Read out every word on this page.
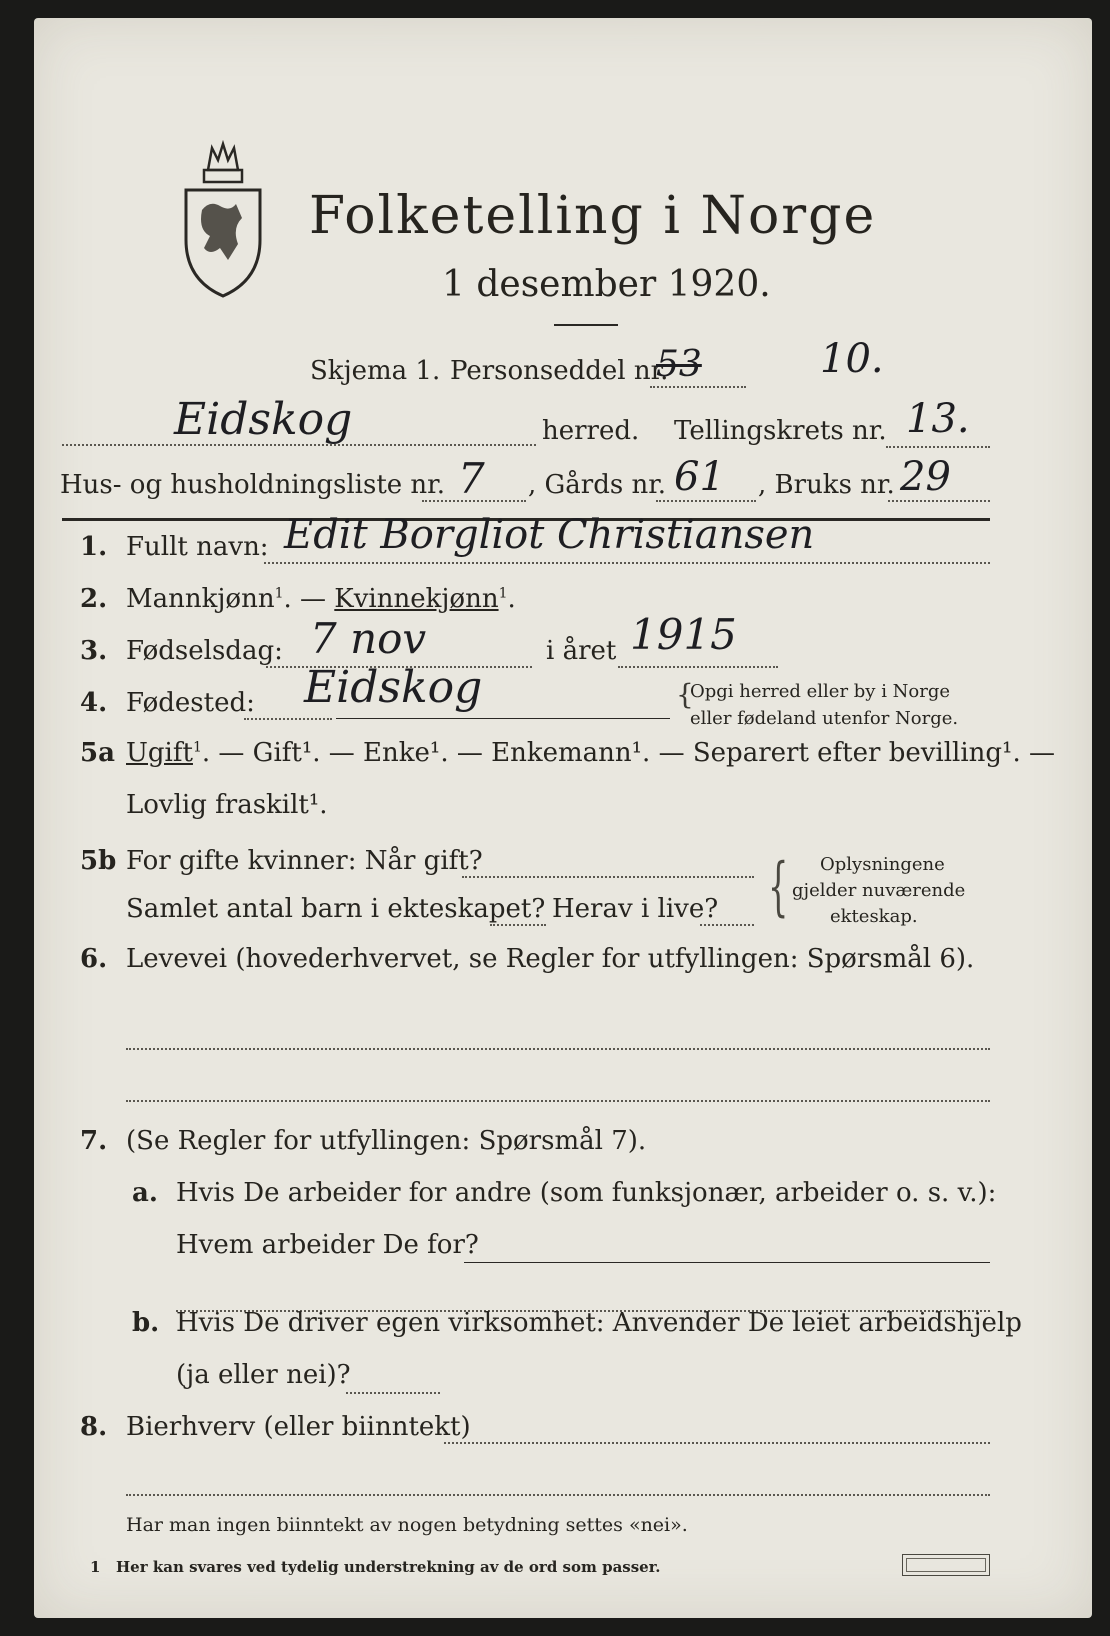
Folketelling i Norge
1 desember 1920.
Skjema 1. Personseddel nr.
53	10.
Eidskog	herred. Tellingskrets nr. 13.
Hus- og husholdningsliste nr. 7 , Gårds nr. 61 , Bruks nr. 29
1. Fullt navn: Edit Borgliot Christiansen
2. Mannkjønn$^1$. — Kvinnekjønn$^1$.
3. Fødselsdag: 7 nov	i året 1915
4. Fødested: Eidskog	{
Opgi herred eller by i Norge
eller fødeland utenfor Norge.
5a Ugift$^1$. — Gift¹. — Enke¹. — Enkemann¹. — Separert efter bevilling¹. —
Lovlig fraskilt¹.
5b For gifte kvinner: Når gift?
Samlet antal barn i ekteskapet? Herav i live? { Oplysningene
gjelder nuværende
ekteskap.
6. Levevei (hovederhvervet, se Regler for utfyllingen: Spørsmål 6).
7. (Se Regler for utfyllingen: Spørsmål 7).
a. Hvis De arbeider for andre (som funksjonær, arbeider o. s. v.):
Hvem arbeider De for?
b. Hvis De driver egen virksomhet: Anvender De leiet arbeidshjelp
(ja eller nei)?
8. Bierhverv (eller biinntekt)
Har man ingen biinntekt av nogen betydning settes «nei».
1 Her kan svares ved tydelig understrekning av de ord som passer.
